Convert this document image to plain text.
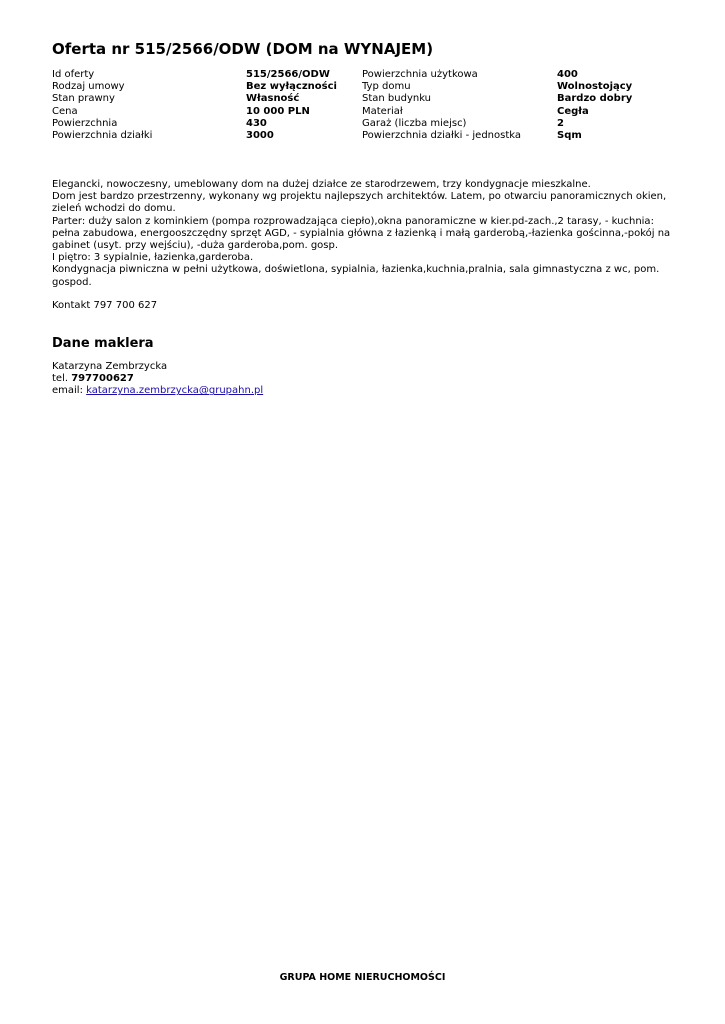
Oferta nr 515/2566/ODW (DOM na WYNAJEM)
Id oferty
Rodzaj umowy
Stan prawny
Cena
Powierzchnia
Powierzchnia działki
515/2566/ODW
Bez wyłączności
Własność
10 000 PLN
430
3000
Powierzchnia użytkowa
Typ domu
Stan budynku
Materiał
Garaż (liczba miejsc)
Powierzchnia działki - jednostka
400
Wolnostojący
Bardzo dobry
Cegła
2
Sqm

Elegancki, nowoczesny, umeblowany dom na dużej działce ze starodrzewem, trzy kondygnacje mieszkalne.

Dom jest bardzo przestrzenny, wykonany wg projektu najlepszych architektów. Latem, po otwarciu panoramicznych okien, zieleń wchodzi do domu.

Parter: duży salon z kominkiem (pompa rozprowadzająca ciepło),okna panoramiczne w kier.pd-zach.,2 tarasy, - kuchnia: pełna zabudowa, energooszczędny sprzęt AGD, - sypialnia główna z łazienką i małą garderobą,-łazienka gościnna,-pokój na gabinet (usyt. przy wejściu), -duża garderoba,pom. gosp.

I piętro: 3 sypialnie, łazienka,garderoba.

Kondygnacja piwniczna w pełni użytkowa, doświetlona, sypialnia, łazienka,kuchnia,pralnia, sala gimnastyczna z wc, pom. gospod.

Kontakt 797 700 627
Dane maklera
Katarzyna Zembrzycka
tel. 797700627
email: katarzyna.zembrzycka@grupahn.pl
GRUPA HOME NIERUCHOMOŚCI
